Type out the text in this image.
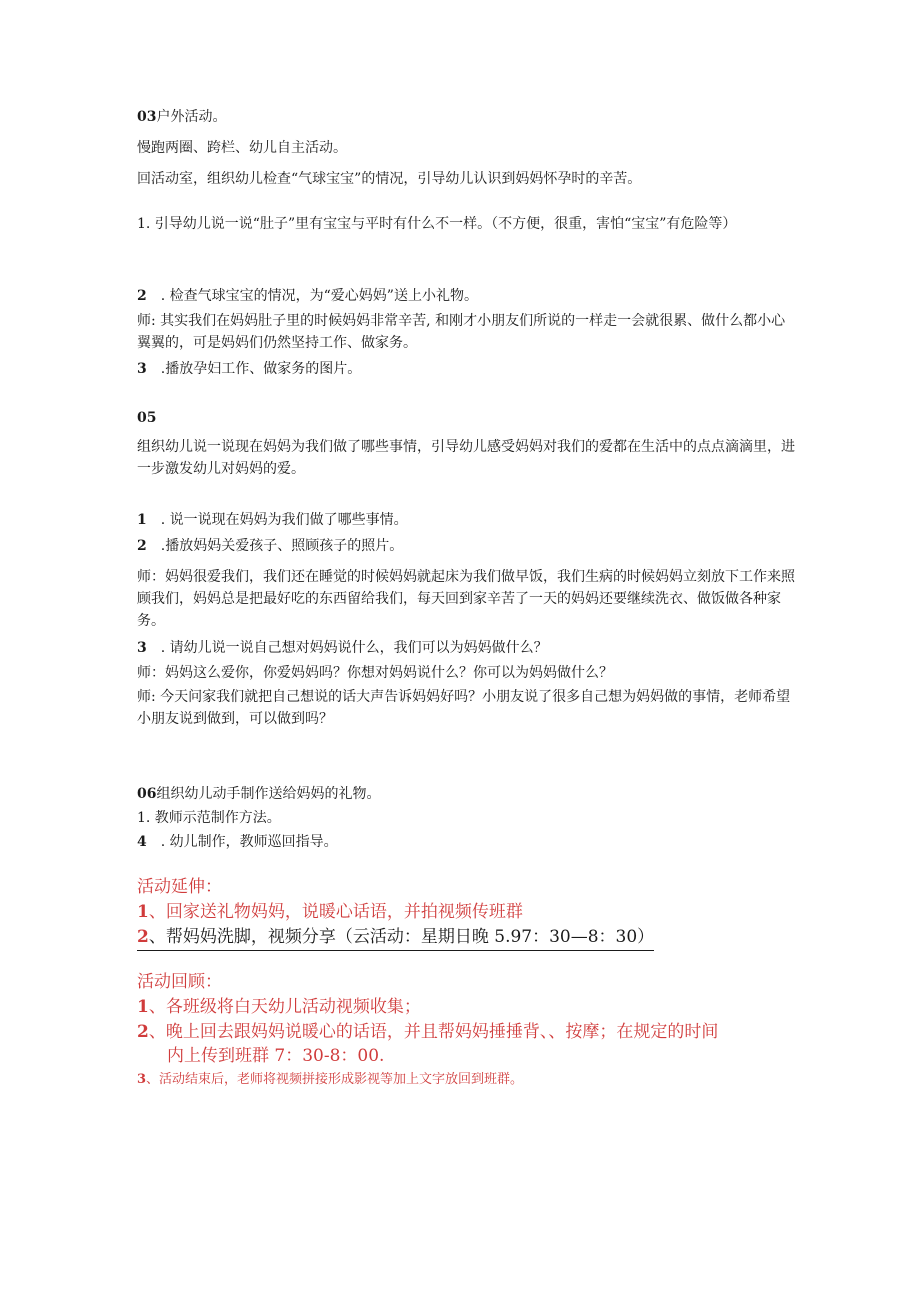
03户外活动。
慢跑两圈、跨栏、幼儿自主活动。
回活动室，组织幼儿检查“气球宝宝”的情况，引导幼儿认识到妈妈怀孕时的辛苦。
1. 引导幼儿说一说“肚子”里有宝宝与平时有什么不一样。（不方便，很重，害怕“宝宝”有危险等）
2 . 检查气球宝宝的情况，为“爱心妈妈”送上小礼物。
师: 其实我们在妈妈肚子里的时候妈妈非常辛苦, 和刚才小朋友们所说的一样走一会就很累、做什么都小心翼翼的，可是妈妈们仍然坚持工作、做家务。
3 .播放孕妇工作、做家务的图片。
05
组织幼儿说一说现在妈妈为我们做了哪些事情，引导幼儿感受妈妈对我们的爱都在生活中的点点滴滴里，进一步激发幼儿对妈妈的爱。
1 . 说一说现在妈妈为我们做了哪些事情。
2 .播放妈妈关爱孩子、照顾孩子的照片。
师：妈妈很爱我们，我们还在睡觉的时候妈妈就起床为我们做早饭，我们生病的时候妈妈立刻放下工作来照顾我们，妈妈总是把最好吃的东西留给我们，每天回到家辛苦了一天的妈妈还要继续洗衣、做饭做各种家务。
3 . 请幼儿说一说自己想对妈妈说什么，我们可以为妈妈做什么？
师：妈妈这么爱你，你爱妈妈吗？你想对妈妈说什么？你可以为妈妈做什么？
师: 今天问家我们就把自己想说的话大声告诉妈妈好吗？小朋友说了很多自己想为妈妈做的事情，老师希望小朋友说到做到，可以做到吗？
06组织幼儿动手制作送给妈妈的礼物。
1. 教师示范制作方法。
4 . 幼儿制作，教师巡回指导。
活动延伸：
1、回家送礼物妈妈，说暖心话语，并拍视频传班群
2、帮妈妈洗脚，视频分享（云活动：星期日晚 5.97：30—8：30）
活动回顾：
1、各班级将白天幼儿活动视频收集；
2、晚上回去跟妈妈说暖心的话语，并且帮妈妈捶捶背、、按摩；在规定的时间
内上传到班群 7：30-8：00.
3、活动结束后，老师将视频拼接形成影视等加上文字放回到班群。
